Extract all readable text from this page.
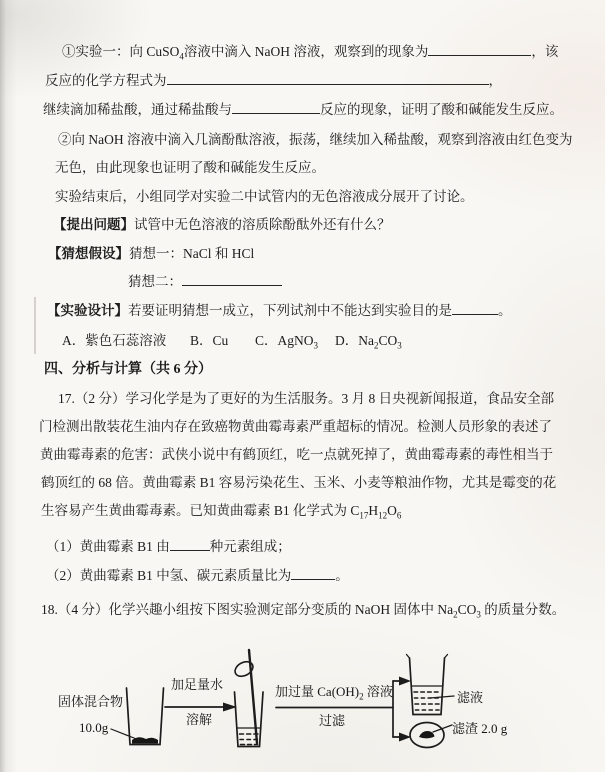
①实验一：向 CuSO$_4$溶液中滴入 NaOH 溶液，观察到的现象为	，该
反应的化学方程式为	，
继续滴加稀盐酸，通过稀盐酸与	反应的现象，证明了酸和碱能发生反应。
②向 NaOH 溶液中滴入几滴酚酞溶液，振荡，继续加入稀盐酸，观察到溶液由红色变为
无色，由此现象也证明了酸和碱能发生反应。
实验结束后，小组同学对实验二中试管内的无色溶液成分展开了讨论。
【提出问题】试管中无色溶液的溶质除酚酞外还有什么？
【猜想假设】猜想一：NaCl 和 HCl
猜想二：
【实验设计】若要证明猜想一成立，下列试剂中不能达到实验目的是	。
A．紫色石蕊溶液 B．Cu C．AgNO$_3$ D．$Na_2CO_3$
四、分析与计算（共 6 分）
17.（2 分）学习化学是为了更好的为生活服务。3 月 8 日央视新闻报道，食品安全部
门检测出散装花生油内存在致癌物黄曲霉毒素严重超标的情况。检测人员形象的表述了
黄曲霉毒素的危害：武侠小说中有鹤顶红，吃一点就死掉了，黄曲霉毒素的毒性相当于
鹤顶红的 68 倍。黄曲霉素 B1 容易污染花生、玉米、小麦等粮油作物，尤其是霉变的花
生容易产生黄曲霉毒素。已知黄曲霉素 B1 化学式为 $C_{17}H_{12}O_6$
（1）黄曲霉素 B1 由	种元素组成；
（2）黄曲霉素 B1 中氢、碳元素质量比为	。
18.（4 分）化学兴趣小组按下图实验测定部分变质的 NaOH 固体中 $Na_2CO_3$ 的质量分数。
固体混合物
10.0g
加足量水
溶解
加过量 $Ca(OH)_2$ 溶液
过滤
滤液
滤渣 2.0 g
